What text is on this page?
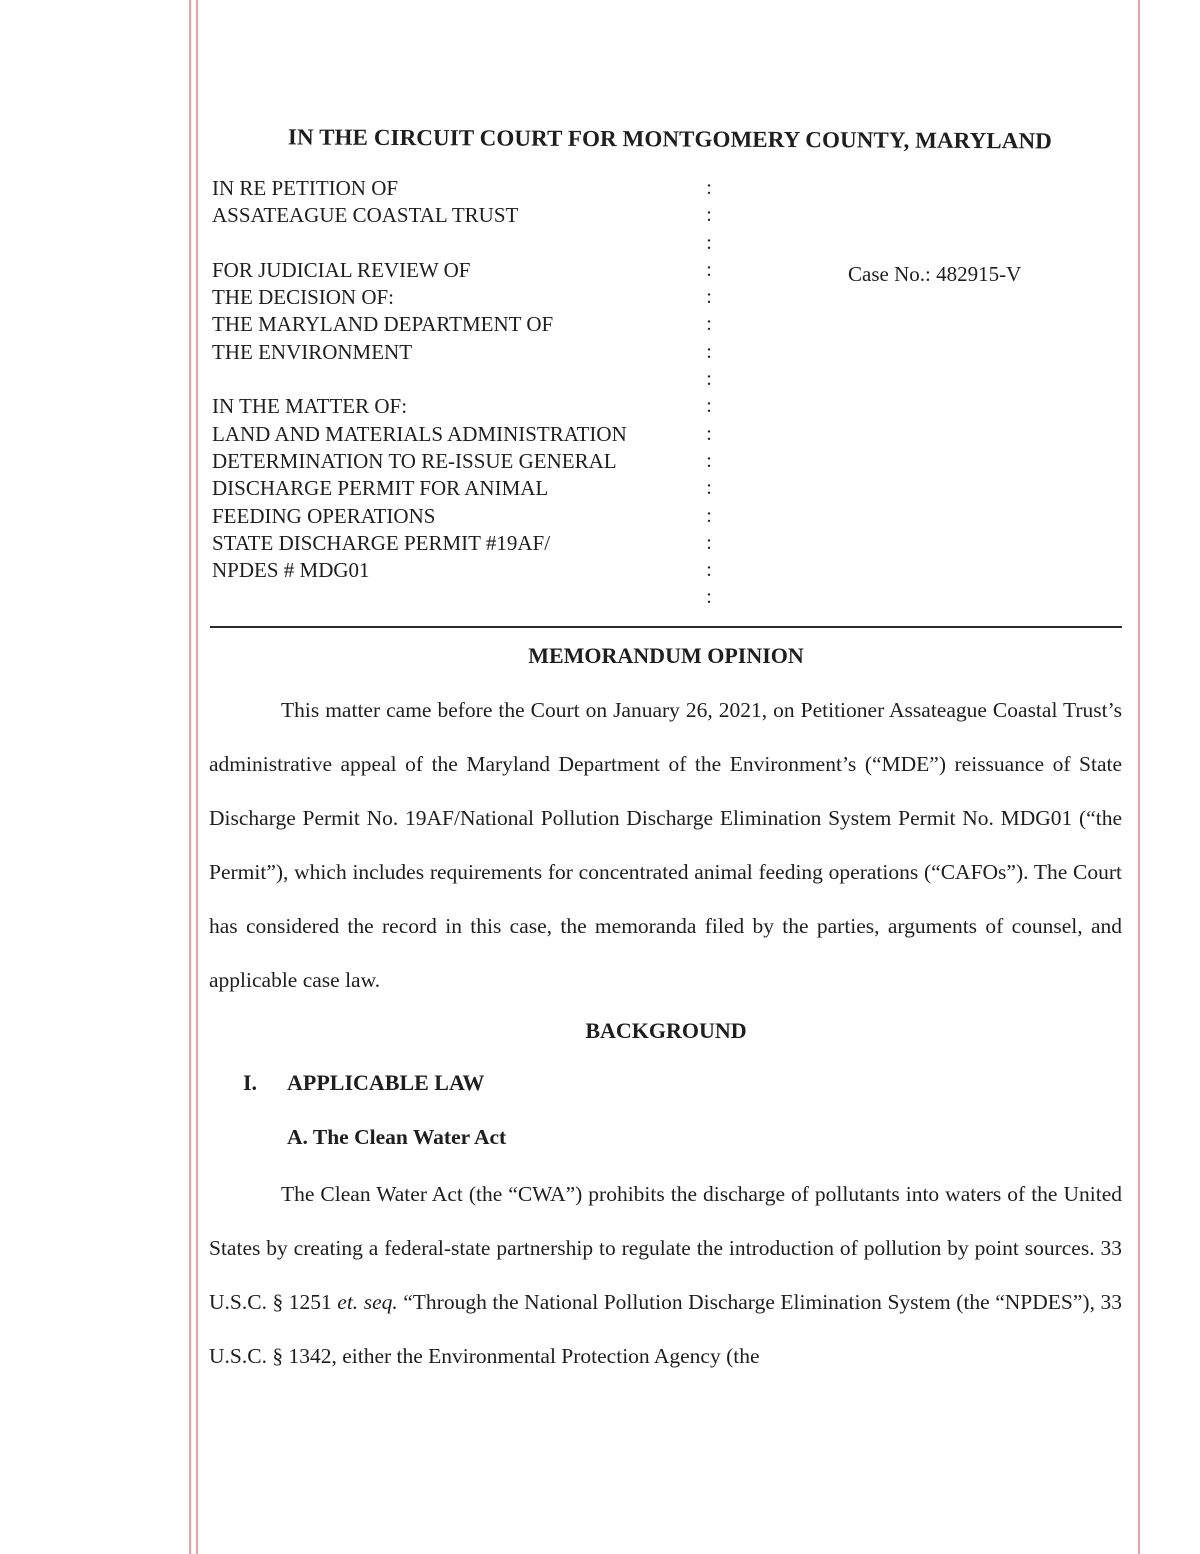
IN THE CIRCUIT COURT FOR MONTGOMERY COUNTY, MARYLAND
IN RE PETITION OF
ASSATEAGUE COASTAL TRUST

FOR JUDICIAL REVIEW OF
THE DECISION OF:
THE MARYLAND DEPARTMENT OF
THE ENVIRONMENT

IN THE MATTER OF:
LAND AND MATERIALS ADMINISTRATION
DETERMINATION TO RE-ISSUE GENERAL
DISCHARGE PERMIT FOR ANIMAL
FEEDING OPERATIONS
STATE DISCHARGE PERMIT #19AF/
NPDES # MDG01
:
:
:
:
:
:
:
:
:
:
:
:
:
:
:
:
Case No.: 482915-V
MEMORANDUM OPINION

This matter came before the Court on January 26, 2021, on Petitioner Assateague Coastal Trust’s administrative appeal of the Maryland Department of the Environment’s (“MDE”) reissuance of State Discharge Permit No. 19AF/National Pollution Discharge Elimination System Permit No. MDG01 (“the Permit”), which includes requirements for concentrated animal feeding operations (“CAFOs”). The Court has considered the record in this case, the memoranda filed by the parties, arguments of counsel, and applicable case law.

BACKGROUND
I. APPLICABLE LAW
A. The Clean Water Act

The Clean Water Act (the “CWA”) prohibits the discharge of pollutants into waters of the United States by creating a federal-state partnership to regulate the introduction of pollution by point sources. 33 U.S.C. § 1251 et. seq. “Through the National Pollution Discharge Elimination System (the “NPDES”), 33 U.S.C. § 1342, either the Environmental Protection Agency (the
